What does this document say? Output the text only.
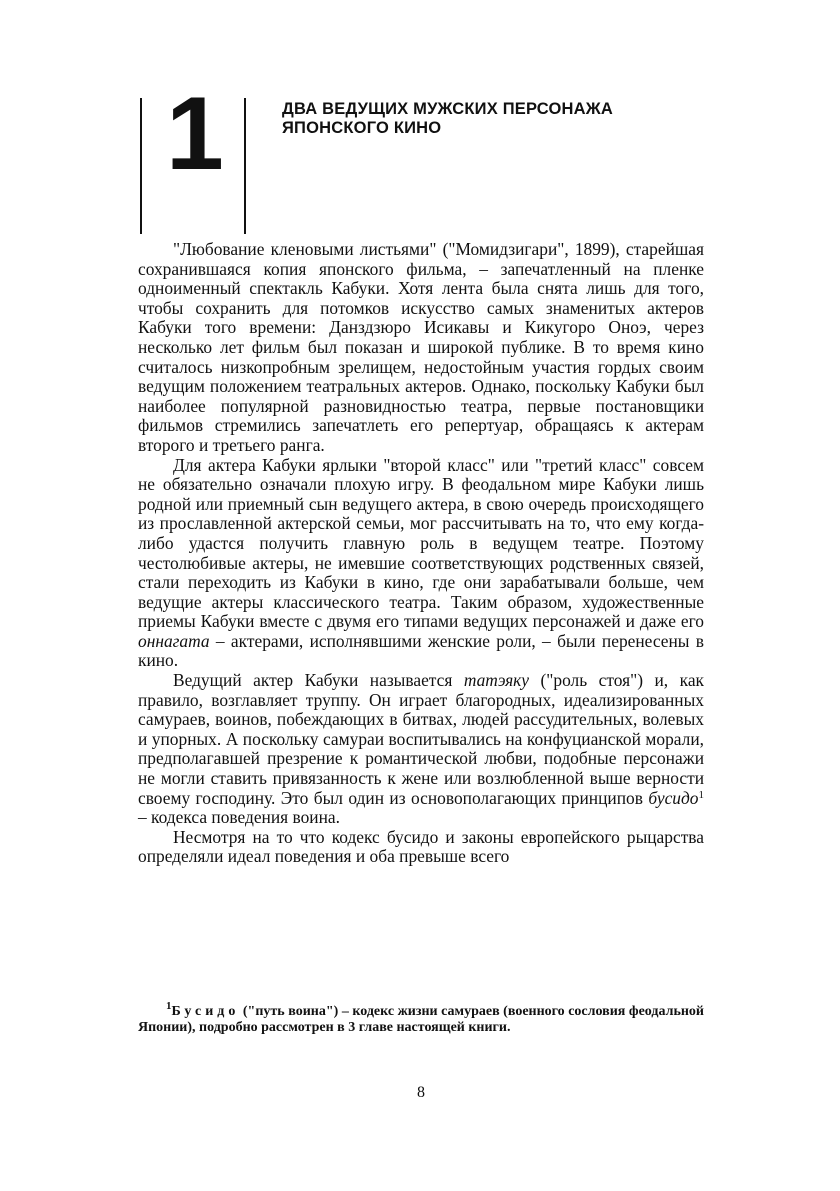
1	ДВА ВЕДУЩИХ МУЖСКИХ ПЕРСОНАЖА
ЯПОНСКОГО КИНО

"Любование кленовыми листьями" ("Момидзигари", 1899), старейшая сохранившаяся копия японского фильма, – запечатленный на пленке одноименный спектакль Кабуки. Хотя лента была снята лишь для того, чтобы сохранить для потомков искусство самых знаменитых актеров Кабуки того времени: Данздзюро Исикавы и Кикугоро Оноэ, через несколько лет фильм был показан и широкой публике. В то время кино считалось низкопробным зрелищем, недостойным участия гордых своим ведущим положением театральных актеров. Однако, поскольку Кабуки был наиболее популярной разновидностью театра, первые постановщики фильмов стремились запечатлеть его репертуар, обращаясь к актерам второго и третьего ранга.

Для актера Кабуки ярлыки "второй класс" или "третий класс" совсем не обязательно означали плохую игру. В феодальном мире Кабуки лишь родной или приемный сын ведущего актера, в свою очередь происходящего из прославленной актерской семьи, мог рассчитывать на то, что ему когда-либо удастся получить главную роль в ведущем театре. Поэтому честолюбивые актеры, не имевшие соответствующих родственных связей, стали переходить из Кабуки в кино, где они зарабатывали больше, чем ведущие актеры классического театра. Таким образом, художественные приемы Кабуки вместе с двумя его типами ведущих персонажей и даже его оннагата – актерами, исполнявшими женские роли, – были перенесены в кино.

Ведущий актер Кабуки называется татэяку ("роль стоя") и, как правило, возглавляет труппу. Он играет благородных, идеализированных самураев, воинов, побеждающих в битвах, людей рассудительных, волевых и упорных. А поскольку самураи воспитывались на конфуцианской морали, предполагавшей презрение к романтической любви, подобные персонажи не могли ставить привязанность к жене или возлюбленной выше верности своему господину. Это был один из основополагающих принципов бусидо$^1$ – кодекса поведения воина.

Несмотря на то что кодекс бусидо и законы европейского рыцарства определяли идеал поведения и оба превыше всего

$^1$Бусидо ("путь воина") – кодекс жизни самураев (военного сословия феодальной Японии), подробно рассмотрен в 3 главе настоящей книги.

8
